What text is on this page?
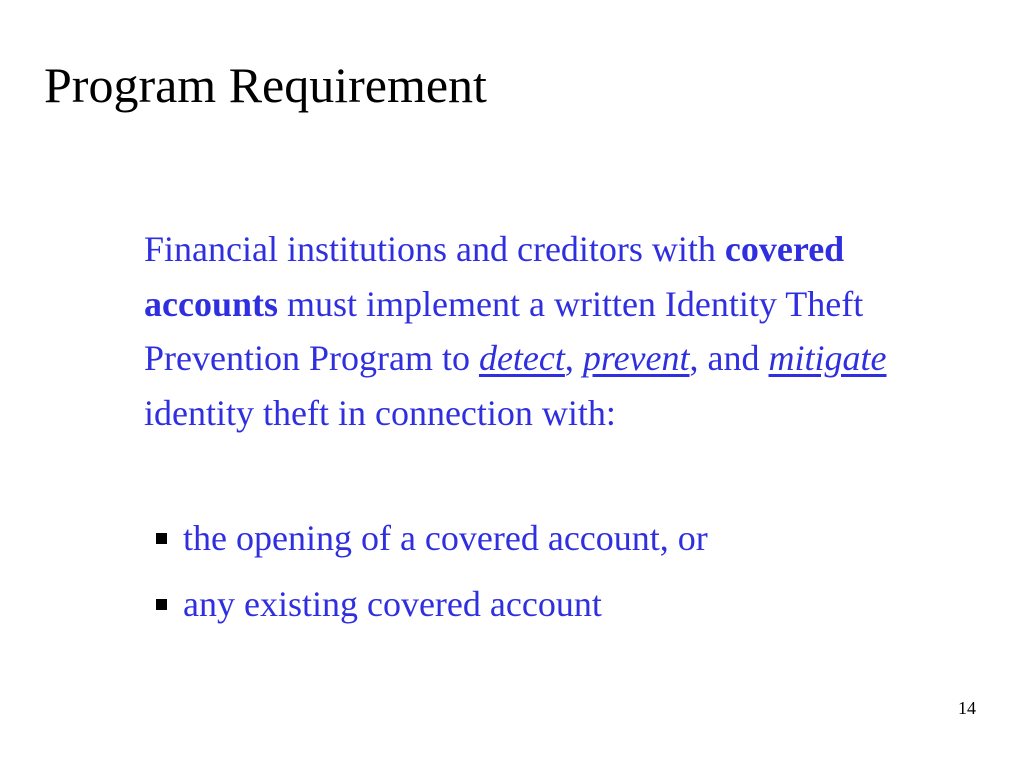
Program Requirement

Financial institutions and creditors with covered accounts must implement a written Identity Theft Prevention Program to detect, prevent, and mitigate identity theft in connection with:

the opening of a covered account, or
any existing covered account
14
